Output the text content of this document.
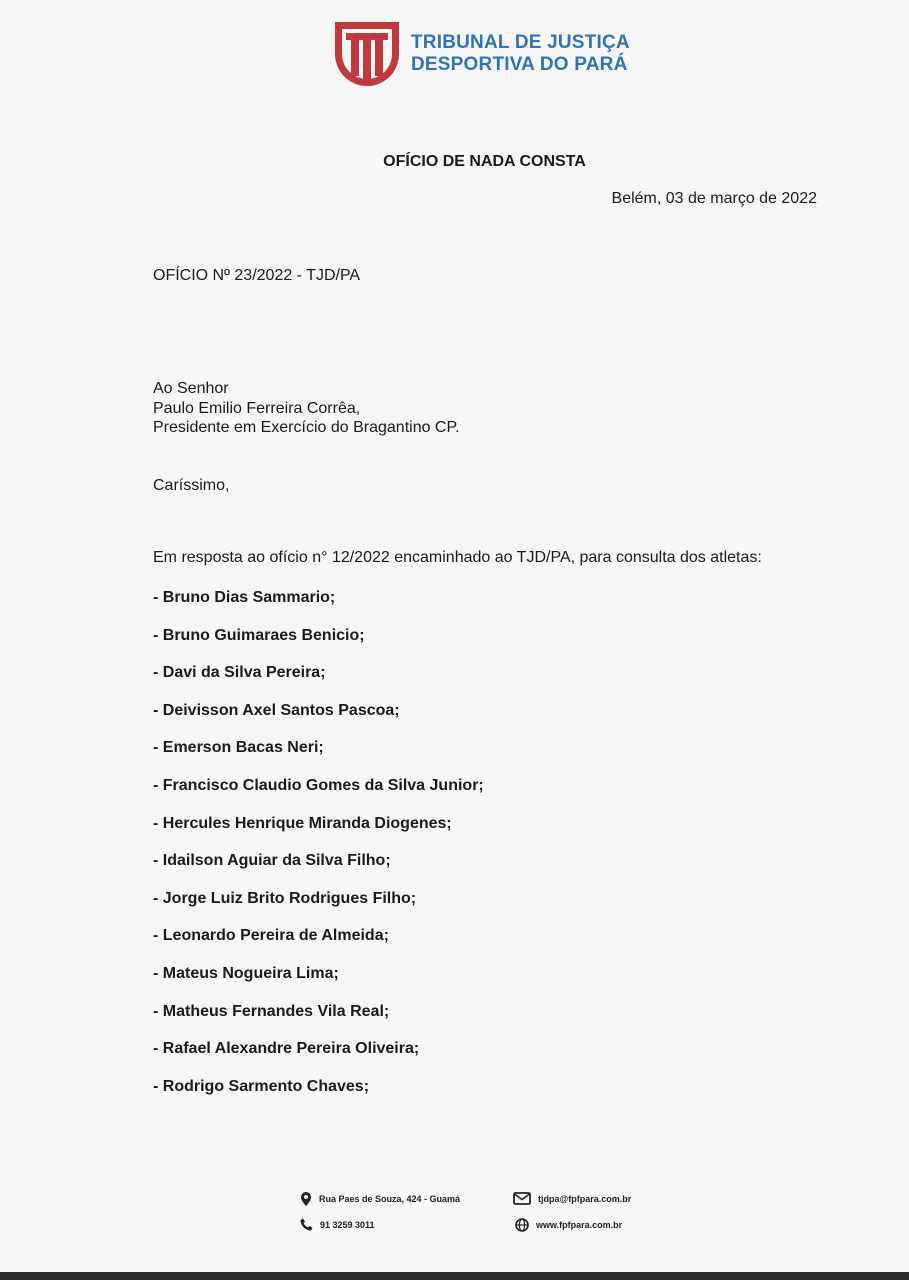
TRIBUNAL DE JUSTIÇA
DESPORTIVA DO PARÁ
OFÍCIO DE NADA CONSTA
Belém, 03 de março de 2022
OFÍCIO Nº 23/2022 - TJD/PA
Ao Senhor
Paulo Emilio Ferreira Corrêa,
Presidente em Exercício do Bragantino CP.
Caríssimo,
Em resposta ao ofício n° 12/2022 encaminhado ao TJD/PA, para consulta dos atletas:
- Bruno Dias Sammario;
- Bruno Guimaraes Benicio;
- Davi da Silva Pereira;
- Deivisson Axel Santos Pascoa;
- Emerson Bacas Neri;
- Francisco Claudio Gomes da Silva Junior;
- Hercules Henrique Miranda Diogenes;
- Idailson Aguiar da Silva Filho;
- Jorge Luiz Brito Rodrigues Filho;
- Leonardo Pereira de Almeida;
- Mateus Nogueira Lima;
- Matheus Fernandes Vila Real;
- Rafael Alexandre Pereira Oliveira;
- Rodrigo Sarmento Chaves;
Rua Paes de Souza, 424 - Guamá
91 3259 3011
tjdpa@fpfpara.com.br
www.fpfpara.com.br
